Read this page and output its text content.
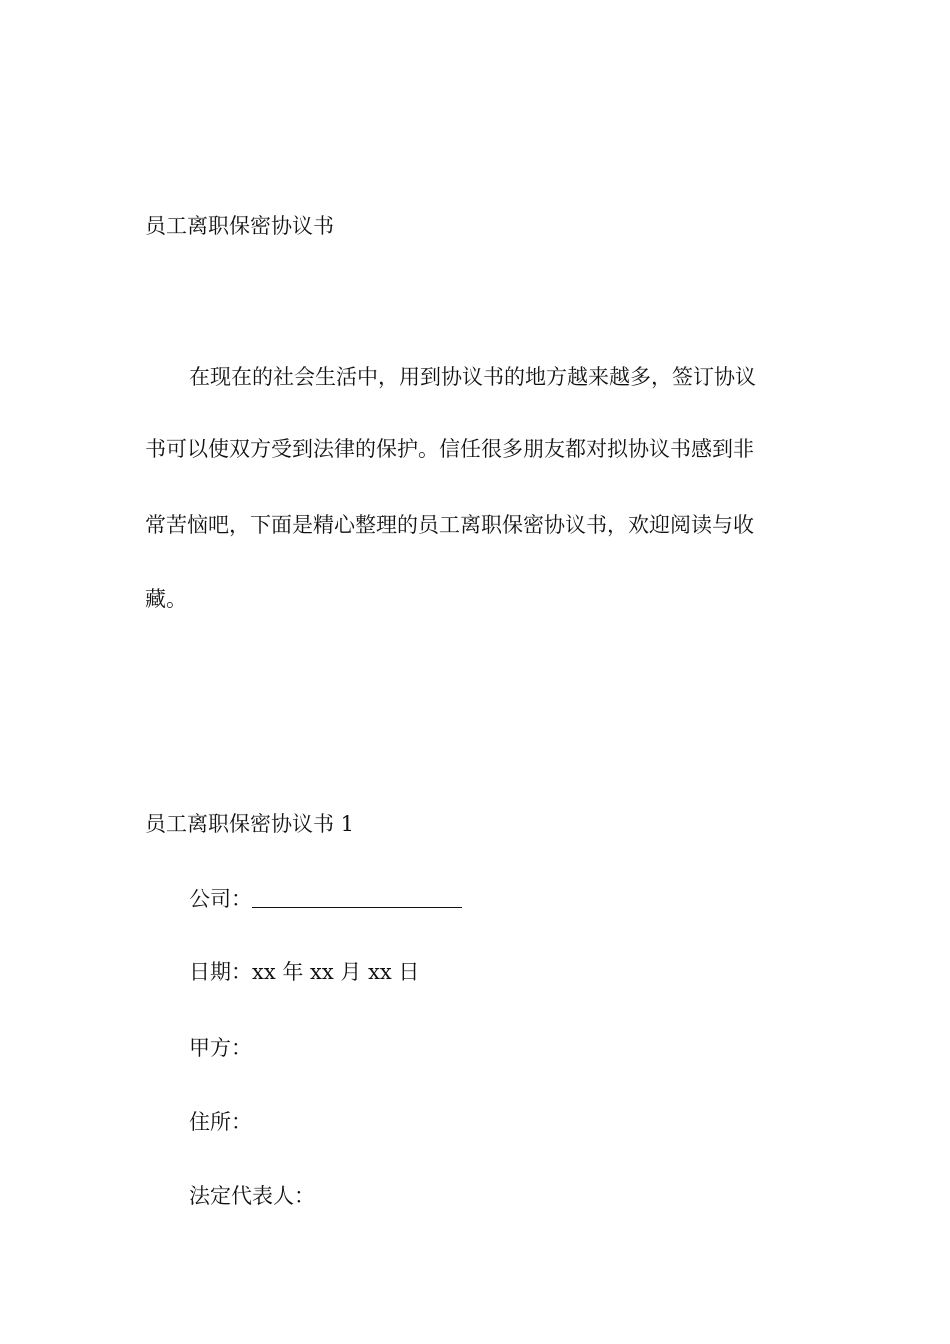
员工离职保密协议书

在现在的社会生活中，用到协议书的地方越来越多，签订协议

书可以使双方受到法律的保护。信任很多朋友都对拟协议书感到非

常苦恼吧，下面是精心整理的员工离职保密协议书，欢迎阅读与收

藏。

员工离职保密协议书 1

公司：

日期：xx 年 xx 月 xx 日

甲方：

住所：

法定代表人：
